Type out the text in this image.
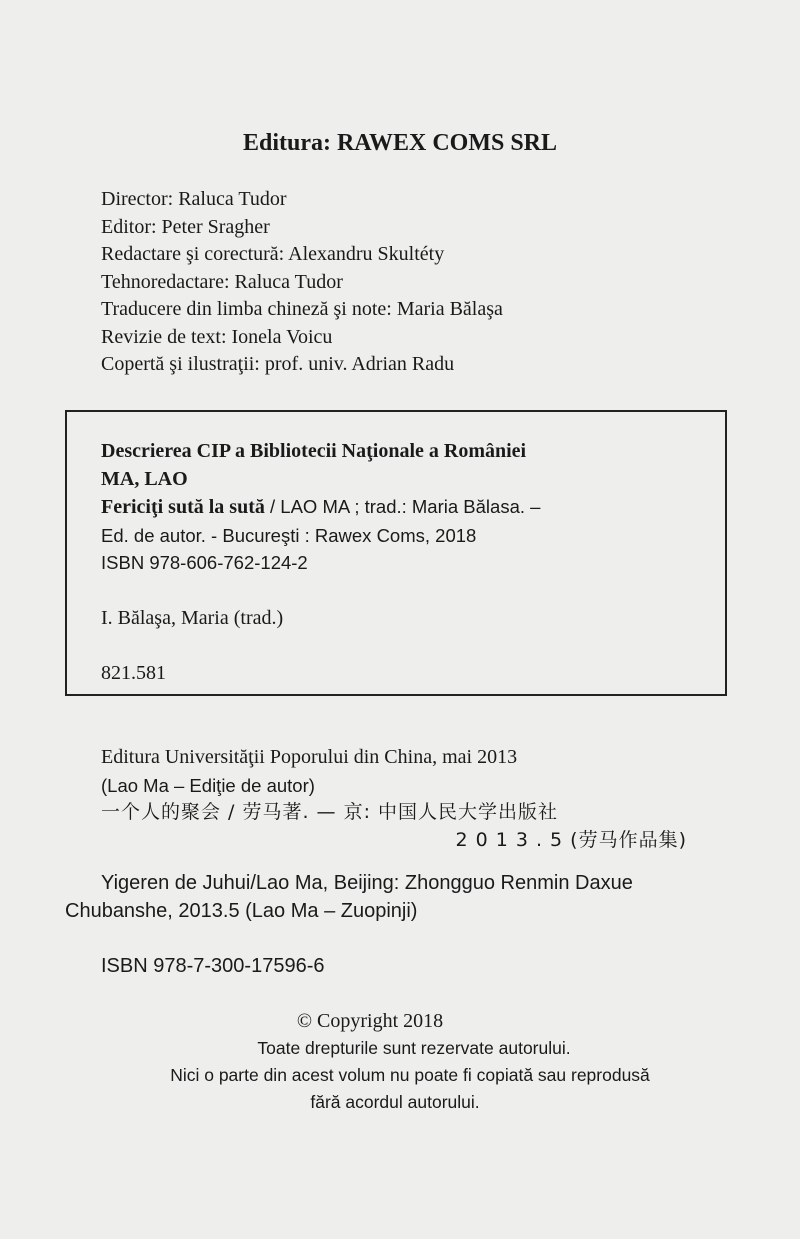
Editura: RAWEX COMS SRL
Director: Raluca Tudor
Editor: Peter Sragher
Redactare şi corectură: Alexandru Skultéty
Tehnoredactare: Raluca Tudor
Traducere din limba chineză şi note: Maria Bălaşa
Revizie de text: Ionela Voicu
Copertă şi ilustraţii: prof. univ. Adrian Radu
Descrierea CIP a Bibliotecii Naţionale a României
MA, LAO
Fericiţi sută la sută / LAO MA ; trad.: Maria Bălasa. –
Ed. de autor. - Bucureşti : Rawex Coms, 2018
ISBN 978-606-762-124-2
I. Bălaşa, Maria (trad.)
821.581
Editura Universităţii Poporului din China, mai 2013
(Lao Ma – Ediţie de autor)
一个人的聚会 / 劳马著. — 京: 中国人民大学出版社
2 0 1 3 . 5 (劳马作品集)
Yigeren de Juhui/Lao Ma, Beijing: Zhongguo Renmin Daxue
Chubanshe, 2013.5 (Lao Ma – Zuopinji)
ISBN 978-7-300-17596-6
© Copyright 2018
Toate drepturile sunt rezervate autorului.
Nici o parte din acest volum nu poate fi copiată sau reprodusă
fără acordul autorului.
